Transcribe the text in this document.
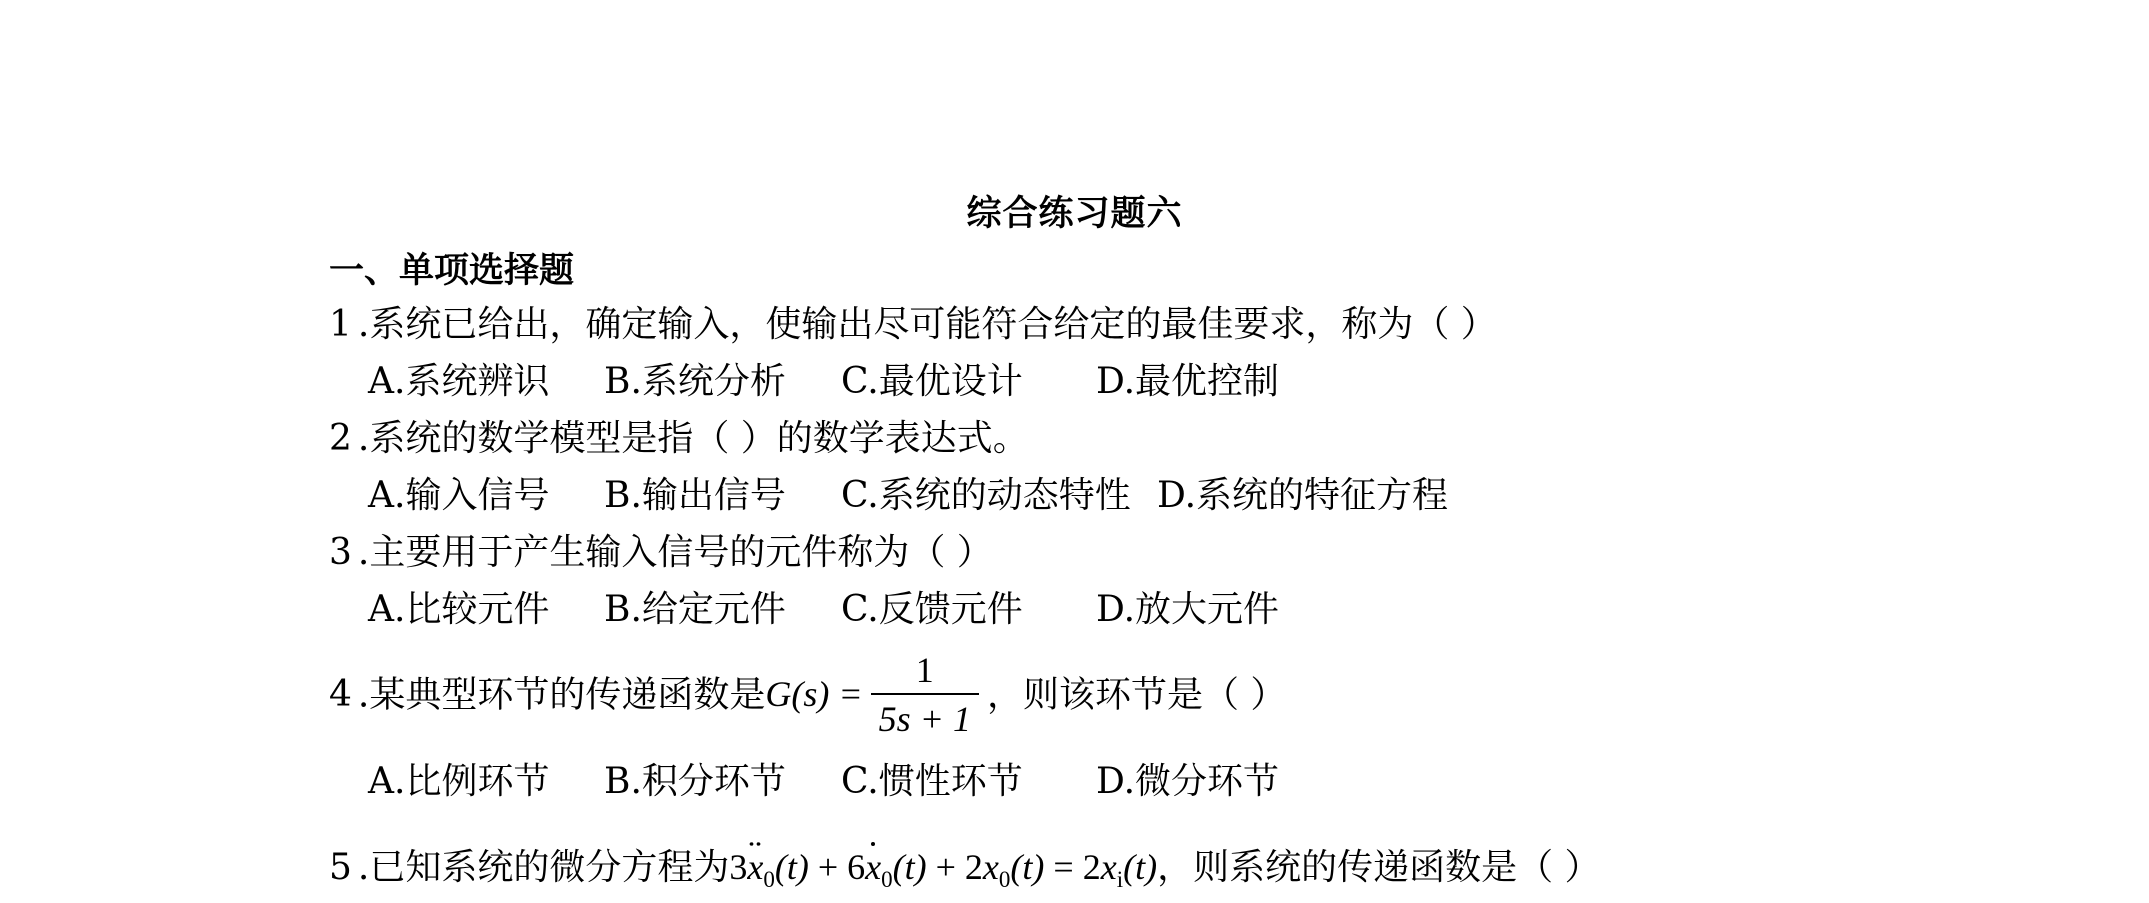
综合练习题六
一、单项选择题
1 .系统已给出，确定输入，使输出尽可能符合给定的最佳要求，称为（ ）
A.系统辨识 B.系统分析 C.最优设计 D.最优控制
2 .系统的数学模型是指（ ）的数学表达式。
A.输入信号 B.输出信号 C.系统的动态特性 D.系统的特征方程
3 .主要用于产生输入信号的元件称为（ ）
A.比较元件 B.给定元件 C.反馈元件 D.放大元件
4 .某典型环节的传递函数是$G(s) = \frac{1}{5s + 1}$ ，则该环节是（ ）
A.比例环节 B.积分环节 C.惯性环节 D.微分环节
5 .已知系统的微分方程为$3x_0(t) + 6x_0(t) + 2x_0(t) = 2x_i(t)$，则系统的传递函数是（ ）
